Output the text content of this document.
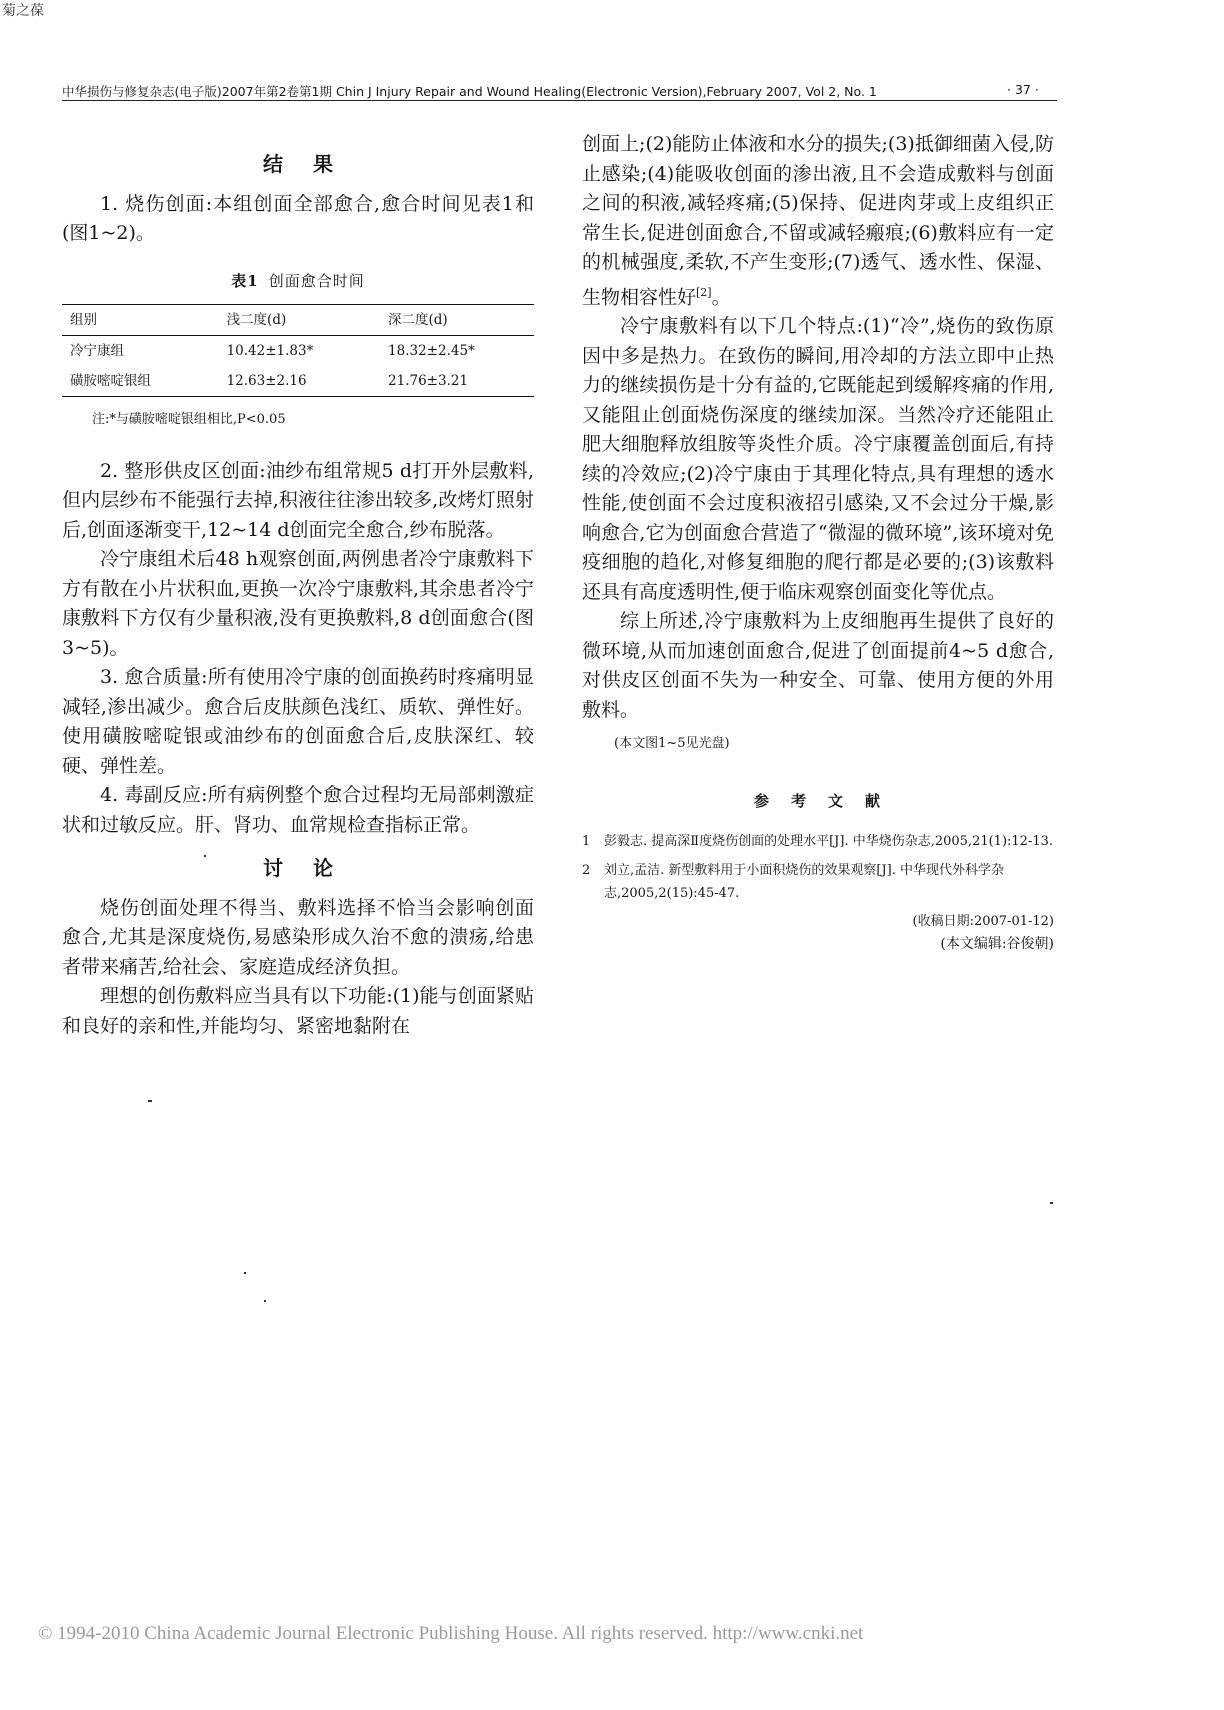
菊之葆
中华损伤与修复杂志(电子版)2007年第2卷第1期 Chin J Injury Repair and Wound Healing(Electronic Version),February 2007, Vol 2, No. 1	· 37 ·
结果

1. 烧伤创面:本组创面全部愈合,愈合时间见表1和(图1~2)。

表1 创面愈合时间
组别	浅二度(d)	深二度(d)
冷宁康组	10.42±1.83*	18.32±2.45*
磺胺嘧啶银组	12.63±2.16	21.76±3.21
注:*与磺胺嘧啶银组相比,P<0.05

2. 整形供皮区创面:油纱布组常规5 d打开外层敷料,但内层纱布不能强行去掉,积液往往渗出较多,改烤灯照射后,创面逐渐变干,12~14 d创面完全愈合,纱布脱落。

冷宁康组术后48 h观察创面,两例患者冷宁康敷料下方有散在小片状积血,更换一次冷宁康敷料,其余患者冷宁康敷料下方仅有少量积液,没有更换敷料,8 d创面愈合(图3~5)。

3. 愈合质量:所有使用冷宁康的创面换药时疼痛明显减轻,渗出减少。愈合后皮肤颜色浅红、质软、弹性好。使用磺胺嘧啶银或油纱布的创面愈合后,皮肤深红、较硬、弹性差。

4. 毒副反应:所有病例整个愈合过程均无局部刺激症状和过敏反应。肝、肾功、血常规检查指标正常。

讨论

烧伤创面处理不得当、敷料选择不恰当会影响创面愈合,尤其是深度烧伤,易感染形成久治不愈的溃疡,给患者带来痛苦,给社会、家庭造成经济负担。

理想的创伤敷料应当具有以下功能:(1)能与创面紧贴和良好的亲和性,并能均匀、紧密地黏附在

创面上;(2)能防止体液和水分的损失;(3)抵御细菌入侵,防止感染;(4)能吸收创面的渗出液,且不会造成敷料与创面之间的积液,减轻疼痛;(5)保持、促进肉芽或上皮组织正常生长,促进创面愈合,不留或减轻瘢痕;(6)敷料应有一定的机械强度,柔软,不产生变形;(7)透气、透水性、保湿、生物相容性好[2]。

冷宁康敷料有以下几个特点:(1)“冷”,烧伤的致伤原因中多是热力。在致伤的瞬间,用冷却的方法立即中止热力的继续损伤是十分有益的,它既能起到缓解疼痛的作用,又能阻止创面烧伤深度的继续加深。当然冷疗还能阻止肥大细胞释放组胺等炎性介质。冷宁康覆盖创面后,有持续的冷效应;(2)冷宁康由于其理化特点,具有理想的透水性能,使创面不会过度积液招引感染,又不会过分干燥,影响愈合,它为创面愈合营造了“微湿的微环境”,该环境对免疫细胞的趋化,对修复细胞的爬行都是必要的;(3)该敷料还具有高度透明性,便于临床观察创面变化等优点。

综上所述,冷宁康敷料为上皮细胞再生提供了良好的微环境,从而加速创面愈合,促进了创面提前4~5 d愈合,对供皮区创面不失为一种安全、可靠、使用方便的外用敷料。

(本文图1~5见光盘)
参考文献
1	彭毅志. 提高深Ⅱ度烧伤创面的处理水平[J]. 中华烧伤杂志,2005,21(1):12-13.
2	刘立,孟洁. 新型敷料用于小面积烧伤的效果观察[J]. 中华现代外科学杂志,2005,2(15):45-47.
(收稿日期:2007-01-12)
(本文编辑:谷俊朝)
© 1994-2010 China Academic Journal Electronic Publishing House. All rights reserved. http://www.cnki.net
